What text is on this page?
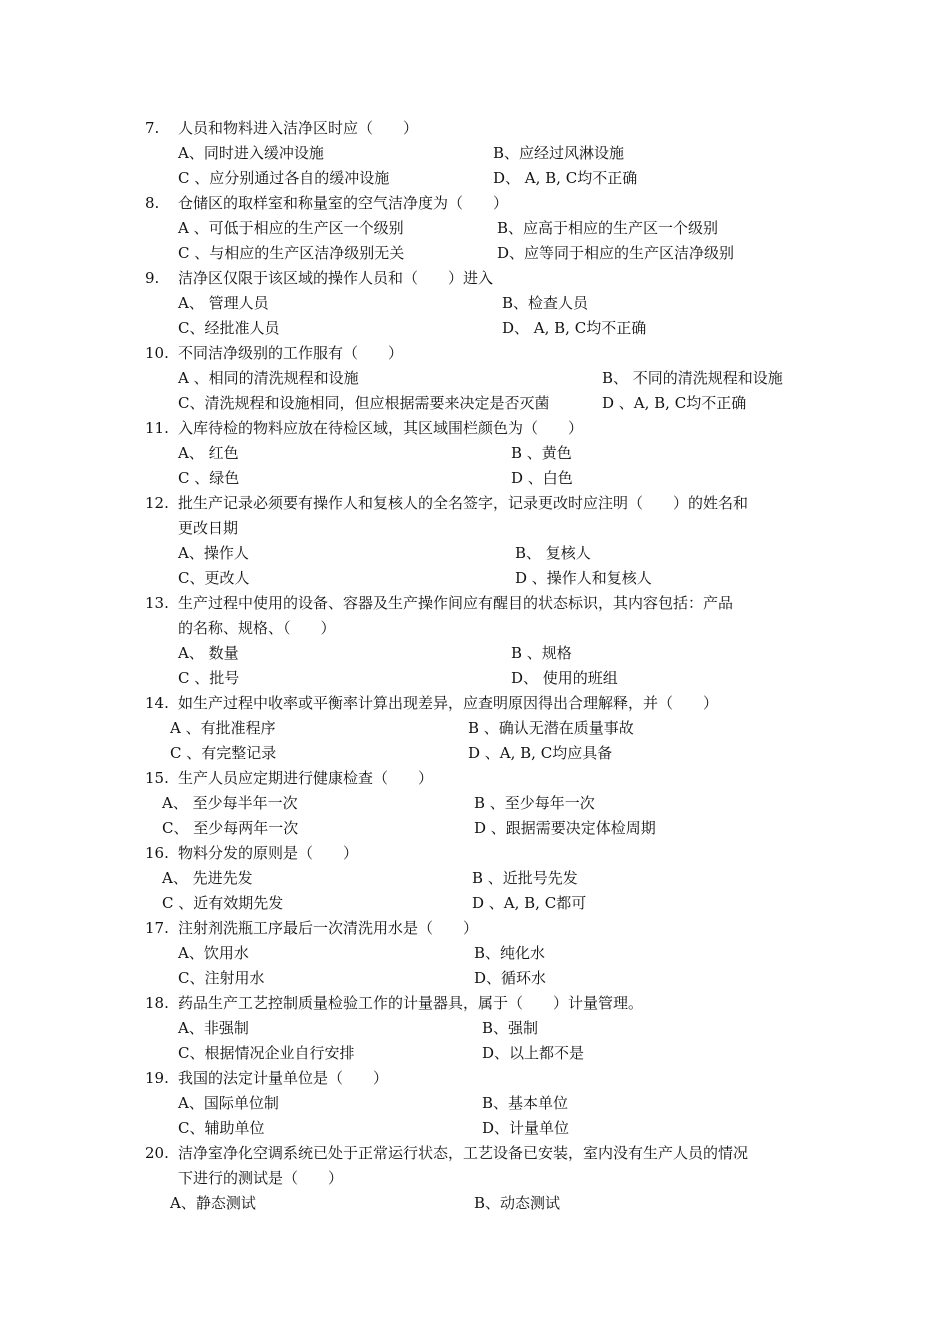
7. 人员和物料进入洁净区时应（　　）
A、同时进入缓冲设施	B、应经过风淋设施
C 、应分别通过各自的缓冲设施	D、 A, B, C均不正确
8. 仓储区的取样室和称量室的空气洁净度为（　　）
A 、可低于相应的生产区一个级别	B、应高于相应的生产区一个级别
C 、与相应的生产区洁净级别无关	D、应等同于相应的生产区洁净级别
9. 洁净区仅限于该区域的操作人员和（　　）进入
A、 管理人员	B、检查人员
C、经批准人员	D、 A, B, C均不正确
10. 不同洁净级别的工作服有（　　）
A 、相同的清洗规程和设施	B、 不同的清洗规程和设施
C、清洗规程和设施相同，但应根据需要来决定是否灭菌	D 、A, B, C均不正确
11. 入库待检的物料应放在待检区域，其区域围栏颜色为（　　）
A、 红色	B 、黄色
C 、绿色	D 、白色
12. 批生产记录必须要有操作人和复核人的全名签字，记录更改时应注明（　　）的姓名和
更改日期
A、操作人	B、 复核人
C、更改人	D 、操作人和复核人
13. 生产过程中使用的设备、容器及生产操作间应有醒目的状态标识，其内容包括：产品
的名称、规格、（　　）
A、 数量	B 、规格
C 、批号	D、 使用的班组
14. 如生产过程中收率或平衡率计算出现差异，应查明原因得出合理解释，并（　　）
A 、有批准程序	B 、确认无潜在质量事故
C 、有完整记录	D 、A, B, C均应具备
15. 生产人员应定期进行健康检查（　　）
A、 至少每半年一次	B 、至少每年一次
C、 至少每两年一次	D 、跟据需要决定体检周期
16. 物料分发的原则是（　　）
A、 先进先发	B 、近批号先发
C 、近有效期先发	D 、A, B, C都可
17. 注射剂洗瓶工序最后一次清洗用水是（　　）
A、饮用水	B、纯化水
C、注射用水	D、循环水
18. 药品生产工艺控制质量检验工作的计量器具，属于（　　）计量管理。
A、非强制	B、强制
C、根据情况企业自行安排	D、以上都不是
19. 我国的法定计量单位是（　　）
A、国际单位制	B、基本单位
C、辅助单位	D、计量单位
20. 洁净室净化空调系统已处于正常运行状态，工艺设备已安装，室内没有生产人员的情况
下进行的测试是（　　）
A、静态测试	B、动态测试
